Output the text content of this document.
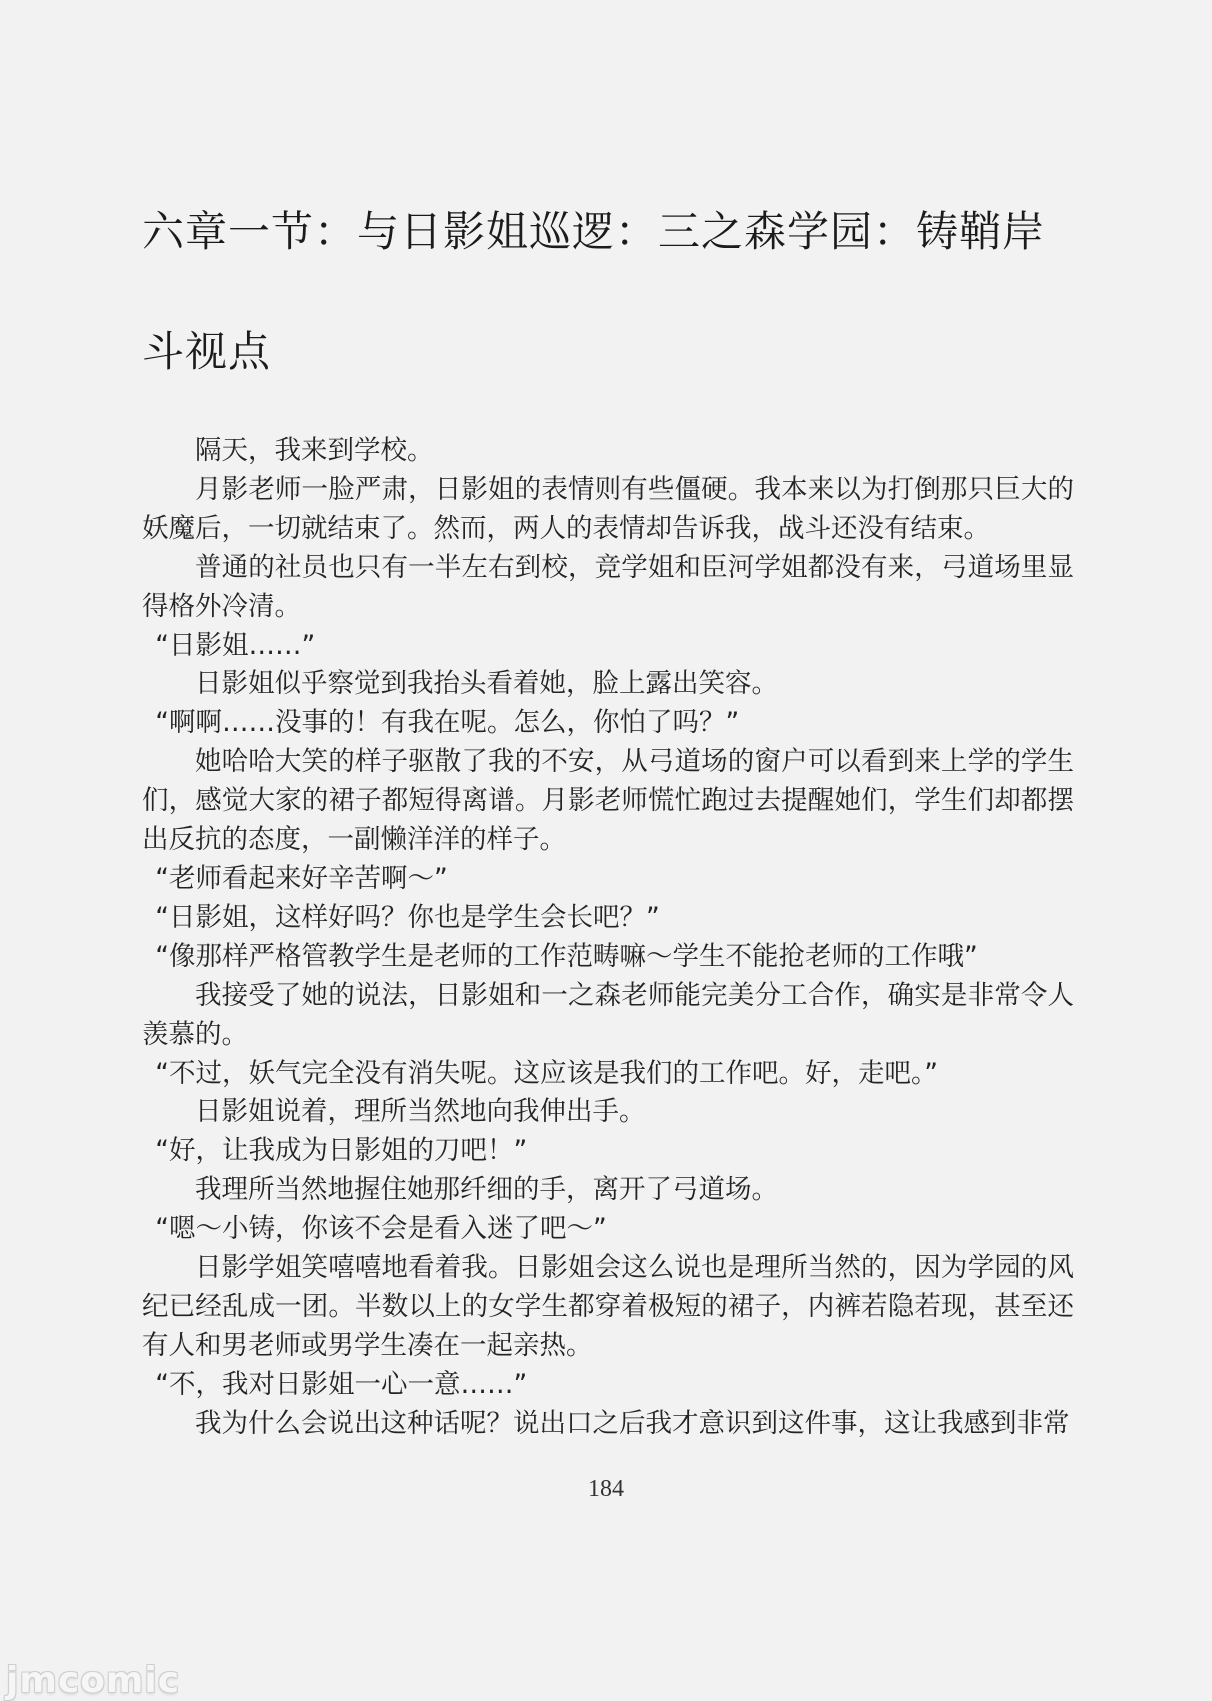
六章一节：与日影姐巡逻：三之森学园：铸鞘岸斗视点

隔天，我来到学校。

月影老师一脸严肃，日影姐的表情则有些僵硬。我本来以为打倒那只巨大的妖魔后，一切就结束了。然而，两人的表情却告诉我，战斗还没有结束。

普通的社员也只有一半左右到校，竞学姐和臣河学姐都没有来，弓道场里显得格外冷清。

“日影姐……”

日影姐似乎察觉到我抬头看着她，脸上露出笑容。

“啊啊……没事的！有我在呢。怎么，你怕了吗？”

她哈哈大笑的样子驱散了我的不安，从弓道场的窗户可以看到来上学的学生们，感觉大家的裙子都短得离谱。月影老师慌忙跑过去提醒她们，学生们却都摆出反抗的态度，一副懒洋洋的样子。

“老师看起来好辛苦啊～”

“日影姐，这样好吗？你也是学生会长吧？”

“像那样严格管教学生是老师的工作范畴嘛～学生不能抢老师的工作哦”

我接受了她的说法，日影姐和一之森老师能完美分工合作，确实是非常令人羡慕的。

“不过，妖气完全没有消失呢。这应该是我们的工作吧。好，走吧。”

日影姐说着，理所当然地向我伸出手。

“好，让我成为日影姐的刀吧！”

我理所当然地握住她那纤细的手，离开了弓道场。

“嗯～小铸，你该不会是看入迷了吧～”

日影学姐笑嘻嘻地看着我。日影姐会这么说也是理所当然的，因为学园的风纪已经乱成一团。半数以上的女学生都穿着极短的裙子，内裤若隐若现，甚至还有人和男老师或男学生凑在一起亲热。

“不，我对日影姐一心一意……”

我为什么会说出这种话呢？说出口之后我才意识到这件事，这让我感到非常

184
jmcomic
